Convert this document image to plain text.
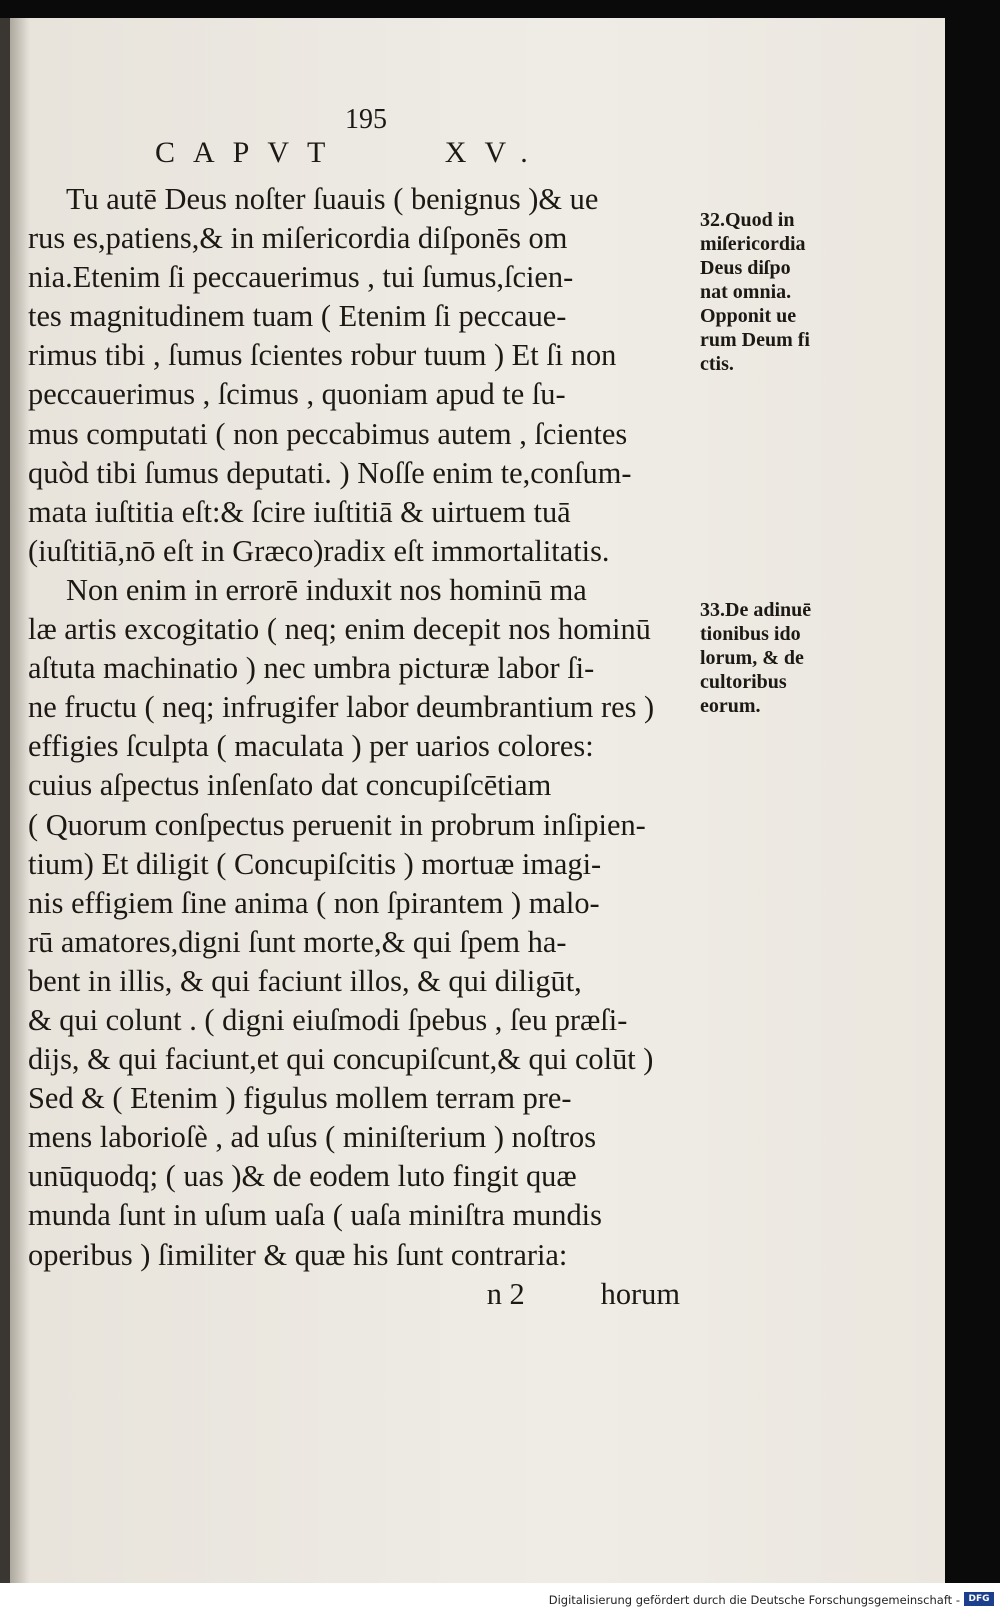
195
CAPVT    XV.
Tu autē Deus noſter ſuauis ( benignus )& ue
rus es,patiens,& in miſericordia diſponēs om
nia.Etenim ſi peccauerimus , tui ſumus,ſcien-
tes magnitudinem tuam ( Etenim ſi peccaue-
rimus tibi , ſumus ſcientes robur tuum ) Et ſi non
peccauerimus , ſcimus , quoniam apud te ſu-
mus computati ( non peccabimus autem , ſcientes
quòd tibi ſumus deputati. ) Noſſe enim te,conſum-
mata iuſtitia eſt:& ſcire iuſtitiā & uirtuem tuā
(iuſtitiā,nō eſt in Græco)radix eſt immortalitatis.
Non enim in errorē induxit nos hominū ma
læ artis excogitatio ( neq; enim decepit nos hominū
aſtuta machinatio ) nec umbra picturæ labor ſi-
ne fructu ( neq; infrugifer labor deumbrantium res )
effigies ſculpta ( maculata ) per uarios colores:
cuius aſpectus inſenſato dat concupiſcētiam
( Quorum conſpectus peruenit in probrum inſipien-
tium) Et diligit ( Concupiſcitis ) mortuæ imagi-
nis effigiem ſine anima ( non ſpirantem ) malo-
rū amatores,digni ſunt morte,& qui ſpem ha-
bent in illis, & qui faciunt illos, & qui diligūt,
& qui colunt . ( digni eiuſmodi ſpebus , ſeu præſi-
dijs, & qui faciunt,et qui concupiſcunt,& qui colūt )
Sed & ( Etenim ) figulus mollem terram pre-
mens laborioſè , ad uſus ( miniſterium ) noſtros
unūquodq; ( uas )& de eodem luto fingit quæ
munda ſunt in uſum uaſa ( uaſa miniſtra mundis
operibus ) ſimiliter & quæ his ſunt contraria:
n 2          horum
32.Quod in
miſericordia
Deus diſpo
nat omnia.
Opponit ue
rum Deum fi
ctis.
33.De adinuē
tionibus ido
lorum, & de
cultoribus
eorum.
Digitalisierung gefördert durch die Deutsche Forschungsgemeinschaft - DFG
